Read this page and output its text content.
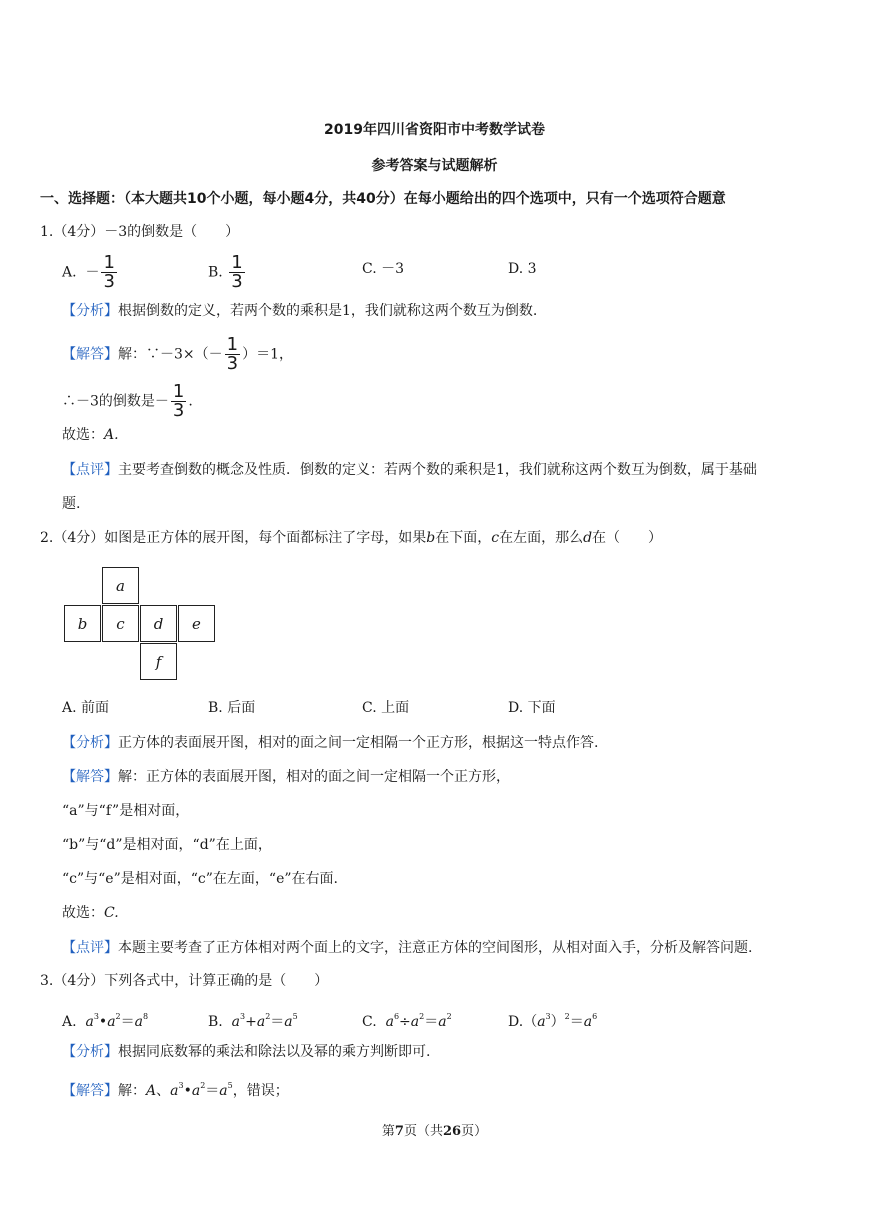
2019年四川省资阳市中考数学试卷
参考答案与试题解析
一、选择题：（本大题共10个小题，每小题4分，共40分）在每小题给出的四个选项中，只有一个选项符合题意
1.（4分）－3的倒数是（　　）
A. － $\frac{1}{3}$	B. $\frac{1}{3}$	C. －3	D. 3
【分析】根据倒数的定义，若两个数的乘积是1，我们就称这两个数互为倒数.
【解答】解：∵－3×（－ $\frac{1}{3} )=1$，
∴－3的倒数是－ $\frac{1}{3}$ .
故选：A.
【点评】主要考查倒数的概念及性质．倒数的定义：若两个数的乘积是1，我们就称这两个数互为倒数，属于基础
题.
2.（4分）如图是正方体的展开图，每个面都标注了字母，如果b在下面，c在左面，那么d在（　　）
a
b	c	d	e
f
A. 前面	B. 后面	C. 上面	D. 下面
【分析】正方体的表面展开图，相对的面之间一定相隔一个正方形，根据这一特点作答.
【解答】解：正方体的表面展开图，相对的面之间一定相隔一个正方形，
“a”与“f”是相对面，
“b”与“d”是相对面，“d”在上面，
“c”与“e”是相对面，“c”在左面，“e”在右面.
故选：C.
【点评】本题主要考查了正方体相对两个面上的文字，注意正方体的空间图形，从相对面入手，分析及解答问题.
3.（4分）下列各式中，计算正确的是（　　）
A. $a^3•a^2=a^8$	B. $a^3+a^2=a^5$	C. $a^6\div a^2=a^2$	$D.(a^3)^2=a^6$
【分析】根据同底数幂的乘法和除法以及幂的乘方判断即可.
【解答】解：A、$a^3•a^2=a^5$，错误；
第7页（共26页）
